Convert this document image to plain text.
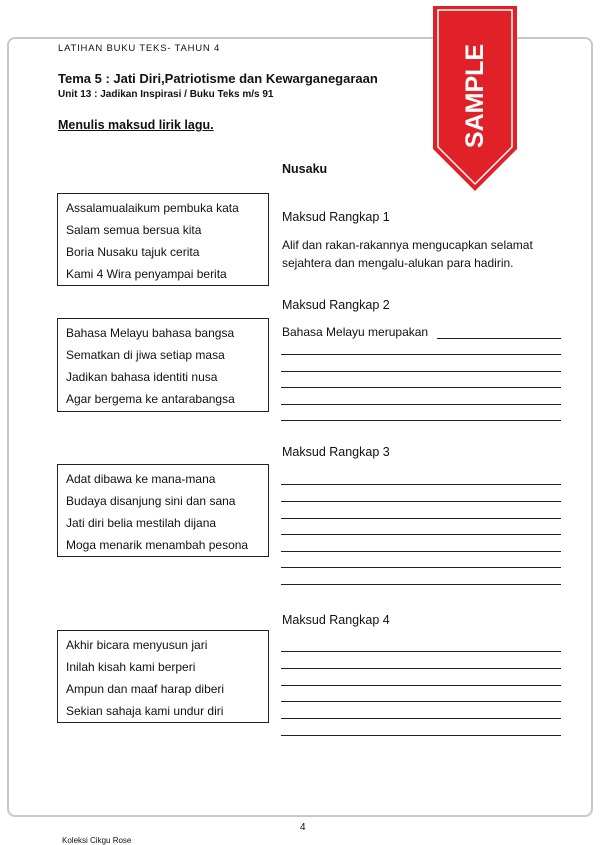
LATIHAN BUKU TEKS- TAHUN 4
Tema 5 : Jati Diri,Patriotisme dan Kewarganegaraan
Unit 13 : Jadikan Inspirasi / Buku Teks m/s 91
Menulis maksud lirik lagu.
Nusaku
Assalamualaikum pembuka kata
Salam semua bersua kita
Boria Nusaku tajuk cerita
Kami 4 Wira penyampai berita
Maksud Rangkap 1
Alif dan rakan-rakannya mengucapkan selamat sejahtera dan mengalu-alukan para hadirin.
Bahasa Melayu bahasa bangsa
Sematkan di jiwa setiap masa
Jadikan bahasa identiti nusa
Agar bergema ke antarabangsa
Maksud Rangkap 2
Bahasa Melayu merupakan
Adat dibawa ke mana-mana
Budaya disanjung sini dan sana
Jati diri belia mestilah dijana
Moga menarik menambah pesona
Maksud Rangkap 3
Akhir bicara menyusun jari
Inilah kisah kami berperi
Ampun dan maaf harap diberi
Sekian sahaja kami undur diri
Maksud Rangkap 4
4
Koleksi Cikgu Rose
SAMPLE
